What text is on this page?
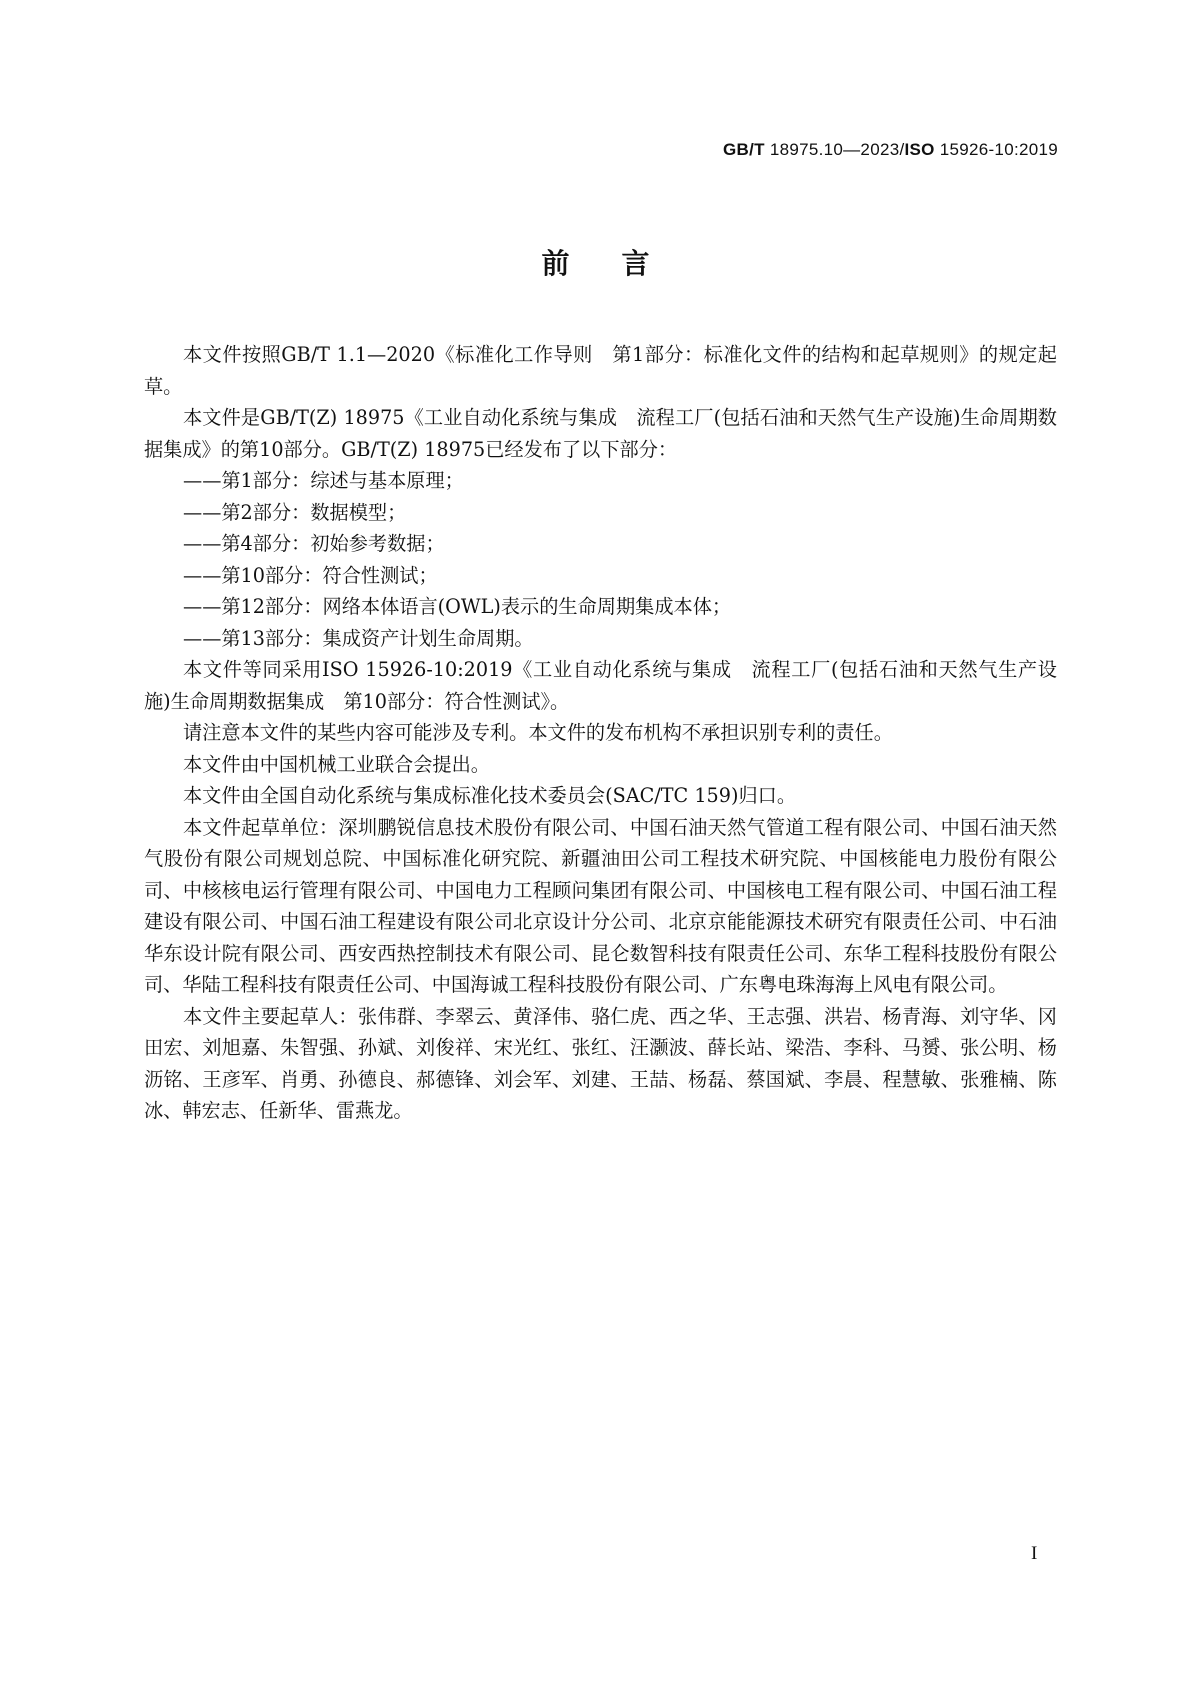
GB/T 18975.10—2023/ISO 15926-10:2019
前言

本文件按照GB/T 1.1—2020《标准化工作导则　第1部分：标准化文件的结构和起草规则》的规定起草。

本文件是GB/T(Z) 18975《工业自动化系统与集成　流程工厂(包括石油和天然气生产设施)生命周期数据集成》的第10部分。GB/T(Z) 18975已经发布了以下部分：

——第1部分：综述与基本原理；

——第2部分：数据模型；

——第4部分：初始参考数据；

——第10部分：符合性测试；

——第12部分：网络本体语言(OWL)表示的生命周期集成本体；

——第13部分：集成资产计划生命周期。

本文件等同采用ISO 15926-10:2019《工业自动化系统与集成　流程工厂(包括石油和天然气生产设施)生命周期数据集成　第10部分：符合性测试》。

请注意本文件的某些内容可能涉及专利。本文件的发布机构不承担识别专利的责任。

本文件由中国机械工业联合会提出。

本文件由全国自动化系统与集成标准化技术委员会(SAC/TC 159)归口。

本文件起草单位：深圳鹏锐信息技术股份有限公司、中国石油天然气管道工程有限公司、中国石油天然气股份有限公司规划总院、中国标准化研究院、新疆油田公司工程技术研究院、中国核能电力股份有限公司、中核核电运行管理有限公司、中国电力工程顾问集团有限公司、中国核电工程有限公司、中国石油工程建设有限公司、中国石油工程建设有限公司北京设计分公司、北京京能能源技术研究有限责任公司、中石油华东设计院有限公司、西安西热控制技术有限公司、昆仑数智科技有限责任公司、东华工程科技股份有限公司、华陆工程科技有限责任公司、中国海诚工程科技股份有限公司、广东粤电珠海海上风电有限公司。

本文件主要起草人：张伟群、李翠云、黄泽伟、骆仁虎、西之华、王志强、洪岩、杨青海、刘守华、冈田宏、刘旭嘉、朱智强、孙斌、刘俊祥、宋光红、张红、汪灏波、薛长站、梁浩、李科、马赟、张公明、杨沥铭、王彦军、肖勇、孙德良、郝德锋、刘会军、刘建、王喆、杨磊、蔡国斌、李晨、程慧敏、张雅楠、陈冰、韩宏志、任新华、雷燕龙。

I
